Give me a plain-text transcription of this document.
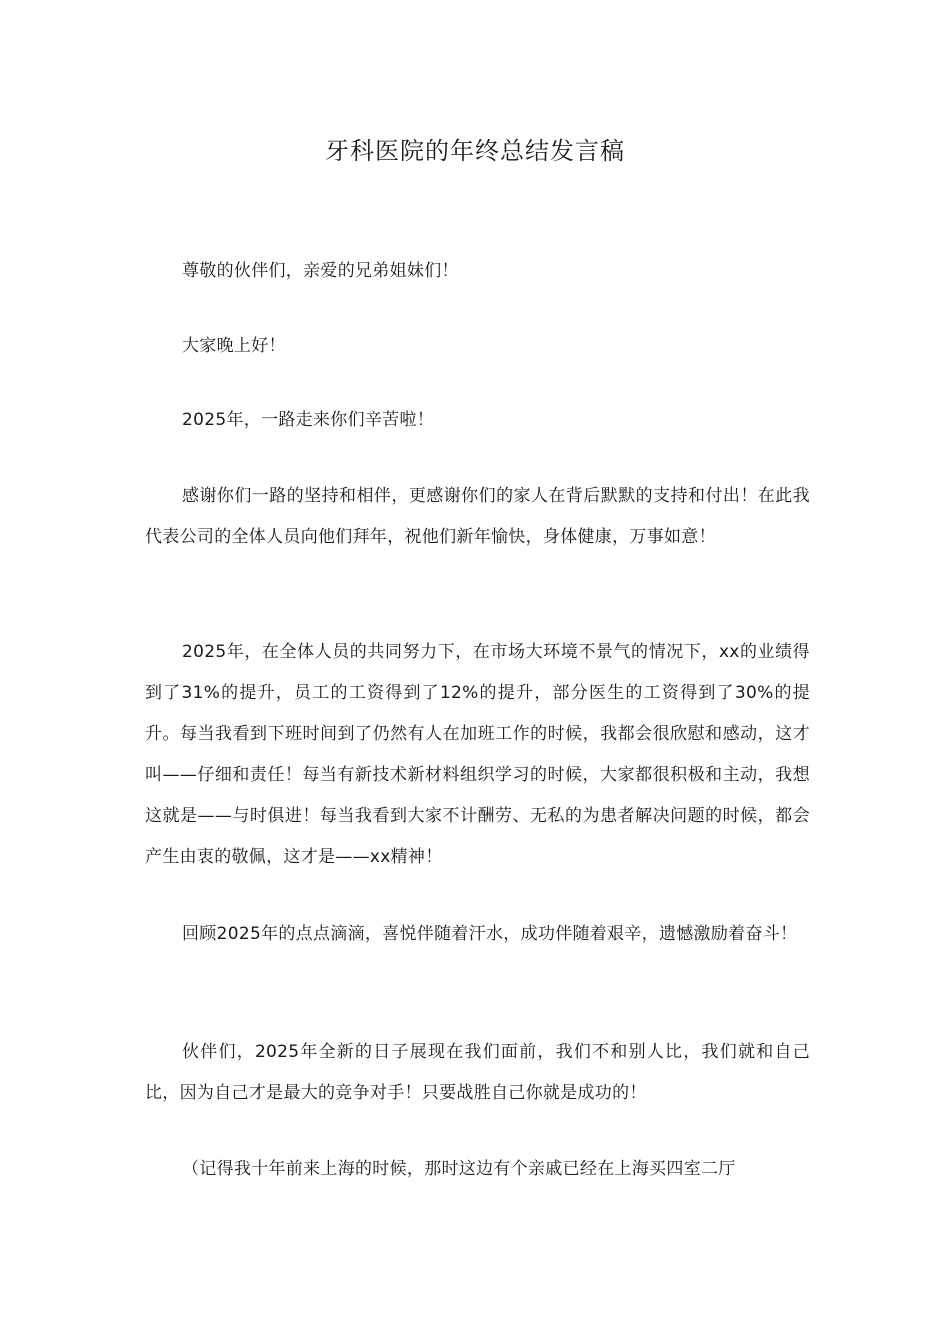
牙科医院的年终总结发言稿

尊敬的伙伴们，亲爱的兄弟姐妹们！

大家晚上好！

2025年，一路走来你们辛苦啦！

感谢你们一路的坚持和相伴，更感谢你们的家人在背后默默的支持和付出！在此我代表公司的全体人员向他们拜年，祝他们新年愉快，身体健康，万事如意！

2025年，在全体人员的共同努力下，在市场大环境不景气的情况下，xx的业绩得到了31%的提升，员工的工资得到了12%的提升，部分医生的工资得到了30%的提升。每当我看到下班时间到了仍然有人在加班工作的时候，我都会很欣慰和感动，这才叫——仔细和责任！每当有新技术新材料组织学习的时候，大家都很积极和主动，我想这就是——与时俱进！每当我看到大家不计酬劳、无私的为患者解决问题的时候，都会产生由衷的敬佩，这才是——xx精神！

回顾2025年的点点滴滴，喜悦伴随着汗水，成功伴随着艰辛，遗憾激励着奋斗！

伙伴们，2025年全新的日子展现在我们面前，我们不和别人比，我们就和自己比，因为自己才是最大的竞争对手！只要战胜自己你就是成功的！

（记得我十年前来上海的时候，那时这边有个亲戚已经在上海买四室二厅
